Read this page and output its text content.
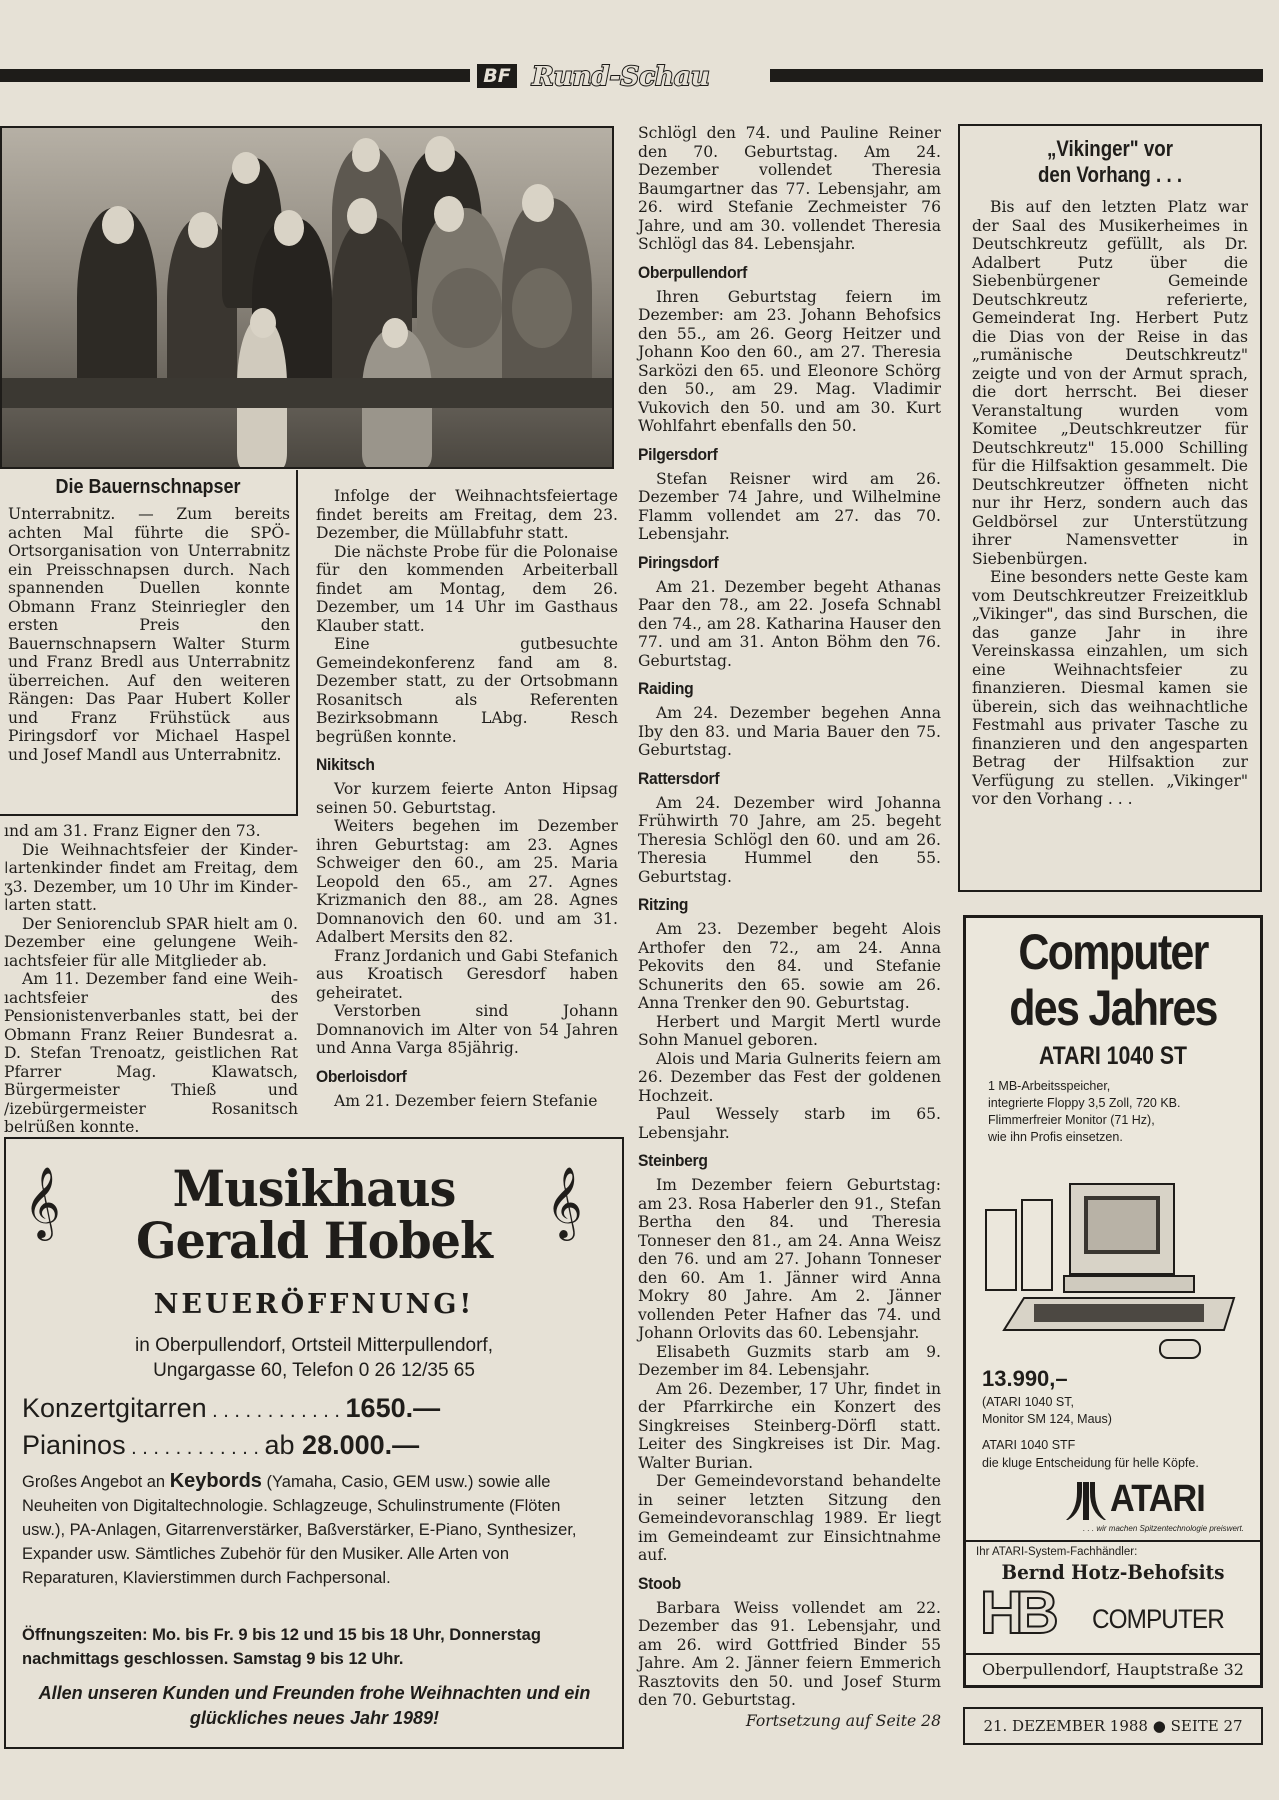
BF Rund-Schau
Die Bauernschnapser

Unterrabnitz. — Zum bereits achten Mal führte die SPÖ-Ortsorganisation von Unterrabnitz ein Preisschnapsen durch. Nach spannenden Duellen konnte Obmann Franz Steinriegler den ersten Preis den Bauernschnapsern Walter Sturm und Franz Bredl aus Unterrabnitz überreichen. Auf den weiteren Rängen: Das Paar Hubert Koller und Franz Frühstück aus Piringsdorf vor Michael Haspel und Josef Mandl aus Unterrabnitz.

ınd am 31. Franz Eigner den 73.

Die Weihnachtsfeier der Kinder-ǀartenkinder findet am Freitag, dem ʒ3. Dezember, um 10 Uhr im Kinder-ǀarten statt.

Der Seniorenclub SPAR hielt am 0. Dezember eine gelungene Weih-ıachtsfeier für alle Mitglieder ab.

Am 11. Dezember fand eine Weih-ıachtsfeier des Pensionistenverbanles statt, bei der Obmann Franz Reiıer Bundesrat a. D. Stefan Trenoatz, geistlichen Rat Pfarrer Mag. Klawatsch, Bürgermeister Thieß und /izebürgermeister Rosanitsch beǀrüßen konnte.

Infolge der Weihnachtsfeiertage findet bereits am Freitag, dem 23. Dezember, die Müllabfuhr statt.

Die nächste Probe für die Polonaise für den kommenden Arbeiterball findet am Montag, dem 26. Dezember, um 14 Uhr im Gasthaus Klauber statt.

Eine gutbesuchte Gemeindekonferenz fand am 8. Dezember statt, zu der Ortsobmann Rosanitsch als Referenten Bezirksobmann LAbg. Resch begrüßen konnte.

Nikitsch

Vor kurzem feierte Anton Hipsag seinen 50. Geburtstag.

Weiters begehen im Dezember ihren Geburtstag: am 23. Agnes Schweiger den 60., am 25. Maria Leopold den 65., am 27. Agnes Krizmanich den 88., am 28. Agnes Domnanovich den 60. und am 31. Adalbert Mersits den 82.

Franz Jordanich und Gabi Stefanich aus Kroatisch Geresdorf haben geheiratet.

Verstorben sind Johann Domnanovich im Alter von 54 Jahren und Anna Varga 85jährig.

Oberloisdorf

Am 21. Dezember feiern Stefanie

Schlögl den 74. und Pauline Reiner den 70. Geburtstag. Am 24. Dezember vollendet Theresia Baumgartner das 77. Lebensjahr, am 26. wird Stefanie Zechmeister 76 Jahre, und am 30. vollendet Theresia Schlögl das 84. Lebensjahr.

Oberpullendorf

Ihren Geburtstag feiern im Dezember: am 23. Johann Behofsics den 55., am 26. Georg Heitzer und Johann Koo den 60., am 27. Theresia Sarközi den 65. und Eleonore Schörg den 50., am 29. Mag. Vladimir Vukovich den 50. und am 30. Kurt Wohlfahrt ebenfalls den 50.

Pilgersdorf

Stefan Reisner wird am 26. Dezember 74 Jahre, und Wilhelmine Flamm vollendet am 27. das 70. Lebensjahr.

Piringsdorf

Am 21. Dezember begeht Athanas Paar den 78., am 22. Josefa Schnabl den 74., am 28. Katharina Hauser den 77. und am 31. Anton Böhm den 76. Geburtstag.

Raiding

Am 24. Dezember begehen Anna Iby den 83. und Maria Bauer den 75. Geburtstag.

Rattersdorf

Am 24. Dezember wird Johanna Frühwirth 70 Jahre, am 25. begeht Theresia Schlögl den 60. und am 26. Theresia Hummel den 55. Geburtstag.

Ritzing

Am 23. Dezember begeht Alois Arthofer den 72., am 24. Anna Pekovits den 84. und Stefanie Schunerits den 65. sowie am 26. Anna Trenker den 90. Geburtstag.

Herbert und Margit Mertl wurde Sohn Manuel geboren.

Alois und Maria Gulnerits feiern am 26. Dezember das Fest der goldenen Hochzeit.

Paul Wessely starb im 65. Lebensjahr.

Steinberg

Im Dezember feiern Geburtstag: am 23. Rosa Haberler den 91., Stefan Bertha den 84. und Theresia Tonneser den 81., am 24. Anna Weisz den 76. und am 27. Johann Tonneser den 60. Am 1. Jänner wird Anna Mokry 80 Jahre. Am 2. Jänner vollenden Peter Hafner das 74. und Johann Orlovits das 60. Lebensjahr.

Elisabeth Guzmits starb am 9. Dezember im 84. Lebensjahr.

Am 26. Dezember, 17 Uhr, findet in der Pfarrkirche ein Konzert des Singkreises Steinberg-Dörfl statt. Leiter des Singkreises ist Dir. Mag. Walter Burian.

Der Gemeindevorstand behandelte in seiner letzten Sitzung den Gemeindevoranschlag 1989. Er liegt im Gemeindeamt zur Einsichtnahme auf.

Stoob

Barbara Weiss vollendet am 22. Dezember das 91. Lebensjahr, und am 26. wird Gottfried Binder 55 Jahre. Am 2. Jänner feiern Emmerich Rasztovits den 50. und Josef Sturm den 70. Geburtstag.

Fortsetzung auf Seite 28

„Vikinger" vor
den Vorhang . . .

Bis auf den letzten Platz war der Saal des Musikerheimes in Deutschkreutz gefüllt, als Dr. Adalbert Putz über die Siebenbürgener Gemeinde Deutschkreutz referierte, Gemeinderat Ing. Herbert Putz die Dias von der Reise in das „rumänische Deutschkreutz" zeigte und von der Armut sprach, die dort herrscht. Bei dieser Veranstaltung wurden vom Komitee „Deutschkreutzer für Deutschkreutz" 15.000 Schilling für die Hilfsaktion gesammelt. Die Deutschkreutzer öffneten nicht nur ihr Herz, sondern auch das Geldbörsel zur Unterstützung ihrer Namensvetter in Siebenbürgen.

Eine besonders nette Geste kam vom Deutschkreutzer Freizeitklub „Vikinger", das sind Burschen, die das ganze Jahr in ihre Vereinskassa einzahlen, um sich eine Weihnachtsfeier zu finanzieren. Diesmal kamen sie überein, sich das weihnachtliche Festmahl aus privater Tasche zu finanzieren und den angesparten Betrag der Hilfsaktion zur Verfügung zu stellen. „Vikinger" vor den Vorhang . . .

𝄞	𝄞
Musikhaus
Gerald Hobek
NEUERÖFFNUNG!
in Oberpullendorf, Ortsteil Mitterpullendorf,
Ungargasse 60, Telefon 0 26 12/35 65
Konzertgitarren . . . . . . . . . . . . 1650.—
Pianinos . . . . . . . . . . . . ab 28.000.—
Großes Angebot an Keybords (Yamaha, Casio, GEM usw.) sowie alle Neuheiten von Digitaltechnologie. Schlagzeuge, Schulinstrumente (Flöten usw.), PA-Anlagen, Gitarrenverstärker, Baßverstärker, E-Piano, Synthesizer, Expander usw. Sämtliches Zubehör für den Musiker. Alle Arten von Reparaturen, Klavierstimmen durch Fachpersonal.
Öffnungszeiten: Mo. bis Fr. 9 bis 12 und 15 bis 18 Uhr, Donnerstag nachmittags geschlossen. Samstag 9 bis 12 Uhr.
Allen unseren Kunden und Freunden frohe Weihnachten und ein glückliches neues Jahr 1989!
Computer
des Jahres
ATARI 1040 ST
1 MB-Arbeitsspeicher,
integrierte Floppy 3,5 Zoll, 720 KB.
Flimmerfreier Monitor (71 Hz),
wie ihn Profis einsetzen.
13.990,–
(ATARI 1040 ST,
Monitor SM 124, Maus)
ATARI 1040 STF
die kluge Entscheidung für helle Köpfe.
ATARI
. . . wir machen Spitzentechnologie preiswert.
Ihr ATARI-System-Fachhändler:
Bernd Hotz-Behofsits
HB COMPUTER
Oberpullendorf, Hauptstraße 32
21. DEZEMBER 1988 ● SEITE 27
